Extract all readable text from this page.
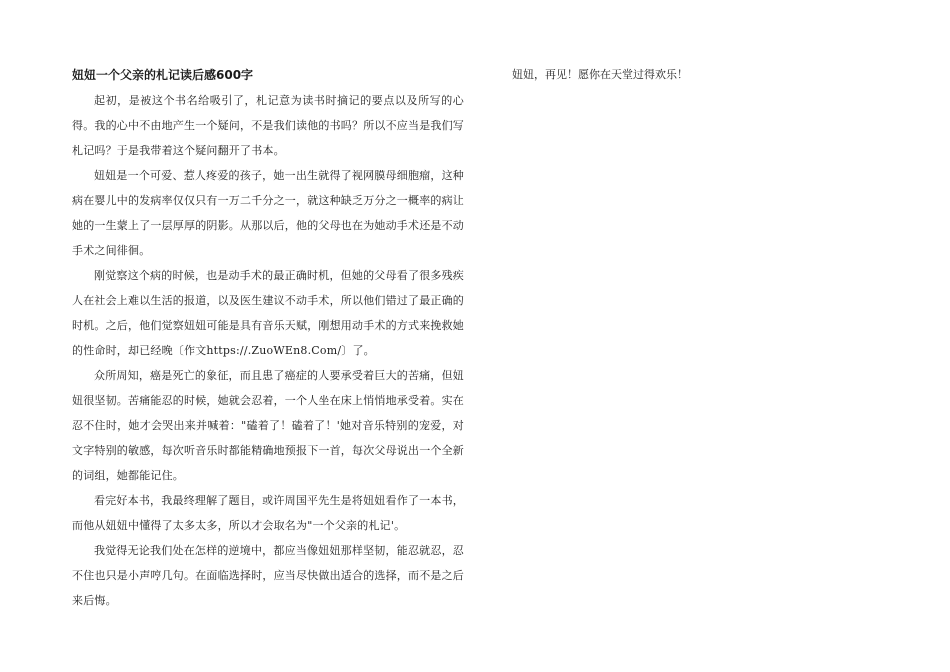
妞妞一个父亲的札记读后感600字

起初，是被这个书名给吸引了，札记意为读书时摘记的要点以及所写的心得。我的心中不由地产生一个疑问，不是我们读他的书吗？所以不应当是我们写札记吗？于是我带着这个疑问翻开了书本。

妞妞是一个可爱、惹人疼爱的孩子，她一出生就得了视网膜母细胞瘤，这种病在婴儿中的发病率仅仅只有一万二千分之一，就这种缺乏万分之一概率的病让她的一生蒙上了一层厚厚的阴影。从那以后，他的父母也在为她动手术还是不动手术之间徘徊。

刚觉察这个病的时候，也是动手术的最正确时机，但她的父母看了很多残疾人在社会上难以生活的报道，以及医生建议不动手术，所以他们错过了最正确的时机。之后，他们觉察妞妞可能是具有音乐天赋，刚想用动手术的方式来挽救她的性命时，却已经晚〔作文https://.ZuoWEn8.Com/〕了。

众所周知，癌是死亡的象征，而且患了癌症的人要承受着巨大的苦痛，但妞妞很坚韧。苦痛能忍的时候，她就会忍着，一个人坐在床上悄悄地承受着。实在忍不住时，她才会哭出来并喊着："磕着了！磕着了！'她对音乐特别的宠爱，对文字特别的敏感，每次听音乐时都能精确地预报下一首，每次父母说出一个全新的词组，她都能记住。

看完好本书，我最终理解了题目，或许周国平先生是将妞妞看作了一本书，而他从妞妞中懂得了太多太多，所以才会取名为"一个父亲的札记'。

我觉得无论我们处在怎样的逆境中，都应当像妞妞那样坚韧，能忍就忍，忍不住也只是小声哼几句。在面临选择时，应当尽快做出适合的选择，而不是之后来后悔。

妞妞，再见！愿你在天堂过得欢乐！
